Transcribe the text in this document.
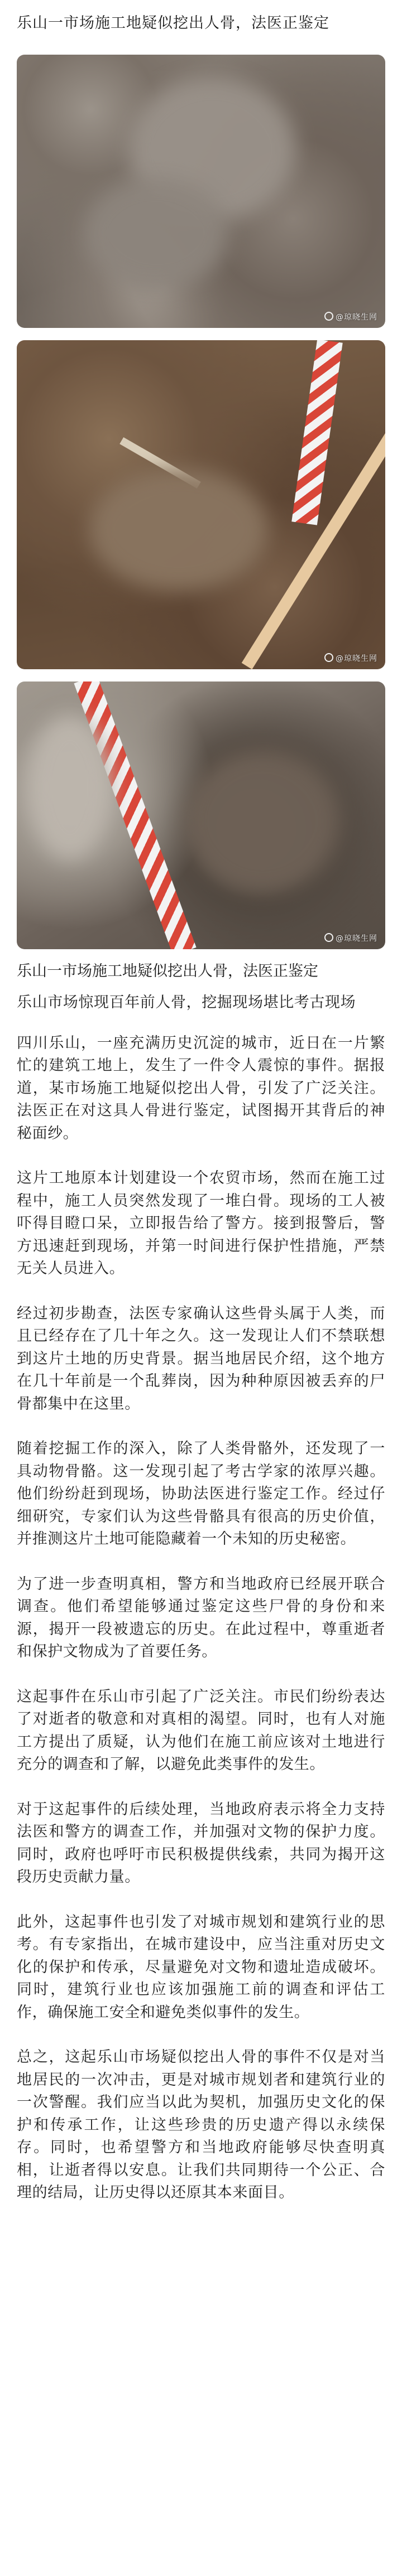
乐山一市场施工地疑似挖出人骨，法医正鉴定
@琼晓生网
@琼晓生网
@琼晓生网
乐山一市场施工地疑似挖出人骨，法医正鉴定

乐山市场惊现百年前人骨，挖掘现场堪比考古现场

四川乐山，一座充满历史沉淀的城市，近日在一片繁忙的建筑工地上，发生了一件令人震惊的事件。据报道，某市场施工地疑似挖出人骨，引发了广泛关注。法医正在对这具人骨进行鉴定，试图揭开其背后的神秘面纱。

这片工地原本计划建设一个农贸市场，然而在施工过程中，施工人员突然发现了一堆白骨。现场的工人被吓得目瞪口呆，立即报告给了警方。接到报警后，警方迅速赶到现场，并第一时间进行保护性措施，严禁无关人员进入。

经过初步勘查，法医专家确认这些骨头属于人类，而且已经存在了几十年之久。这一发现让人们不禁联想到这片土地的历史背景。据当地居民介绍，这个地方在几十年前是一个乱葬岗，因为种种原因被丢弃的尸骨都集中在这里。

随着挖掘工作的深入，除了人类骨骼外，还发现了一具动物骨骼。这一发现引起了考古学家的浓厚兴趣。他们纷纷赶到现场，协助法医进行鉴定工作。经过仔细研究，专家们认为这些骨骼具有很高的历史价值，并推测这片土地可能隐藏着一个未知的历史秘密。

为了进一步查明真相，警方和当地政府已经展开联合调查。他们希望能够通过鉴定这些尸骨的身份和来源，揭开一段被遗忘的历史。在此过程中，尊重逝者和保护文物成为了首要任务。

这起事件在乐山市引起了广泛关注。市民们纷纷表达了对逝者的敬意和对真相的渴望。同时，也有人对施工方提出了质疑，认为他们在施工前应该对土地进行充分的调查和了解，以避免此类事件的发生。

对于这起事件的后续处理，当地政府表示将全力支持法医和警方的调查工作，并加强对文物的保护力度。同时，政府也呼吁市民积极提供线索，共同为揭开这段历史贡献力量。

此外，这起事件也引发了对城市规划和建筑行业的思考。有专家指出，在城市建设中，应当注重对历史文化的保护和传承，尽量避免对文物和遗址造成破坏。同时，建筑行业也应该加强施工前的调查和评估工作，确保施工安全和避免类似事件的发生。

总之，这起乐山市场疑似挖出人骨的事件不仅是对当地居民的一次冲击，更是对城市规划者和建筑行业的一次警醒。我们应当以此为契机，加强历史文化的保护和传承工作，让这些珍贵的历史遗产得以永续保存。同时，也希望警方和当地政府能够尽快查明真相，让逝者得以安息。让我们共同期待一个公正、合理的结局，让历史得以还原其本来面目。
